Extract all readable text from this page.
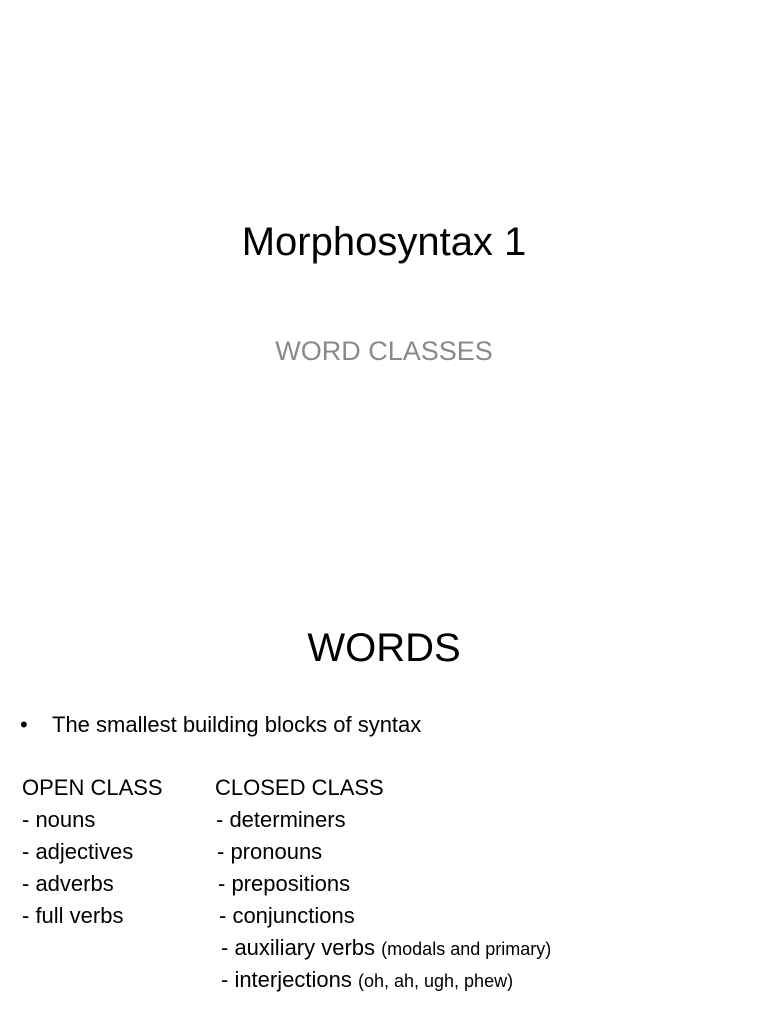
Morphosyntax 1
WORD CLASSES
WORDS
• The smallest building blocks of syntax
OPEN CLASS
- nouns
- adjectives
- adverbs
- full verbs
CLOSED CLASS
- determiners
- pronouns
- prepositions
- conjunctions
- auxiliary verbs (modals and primary)
- interjections (oh, ah, ugh, phew)
